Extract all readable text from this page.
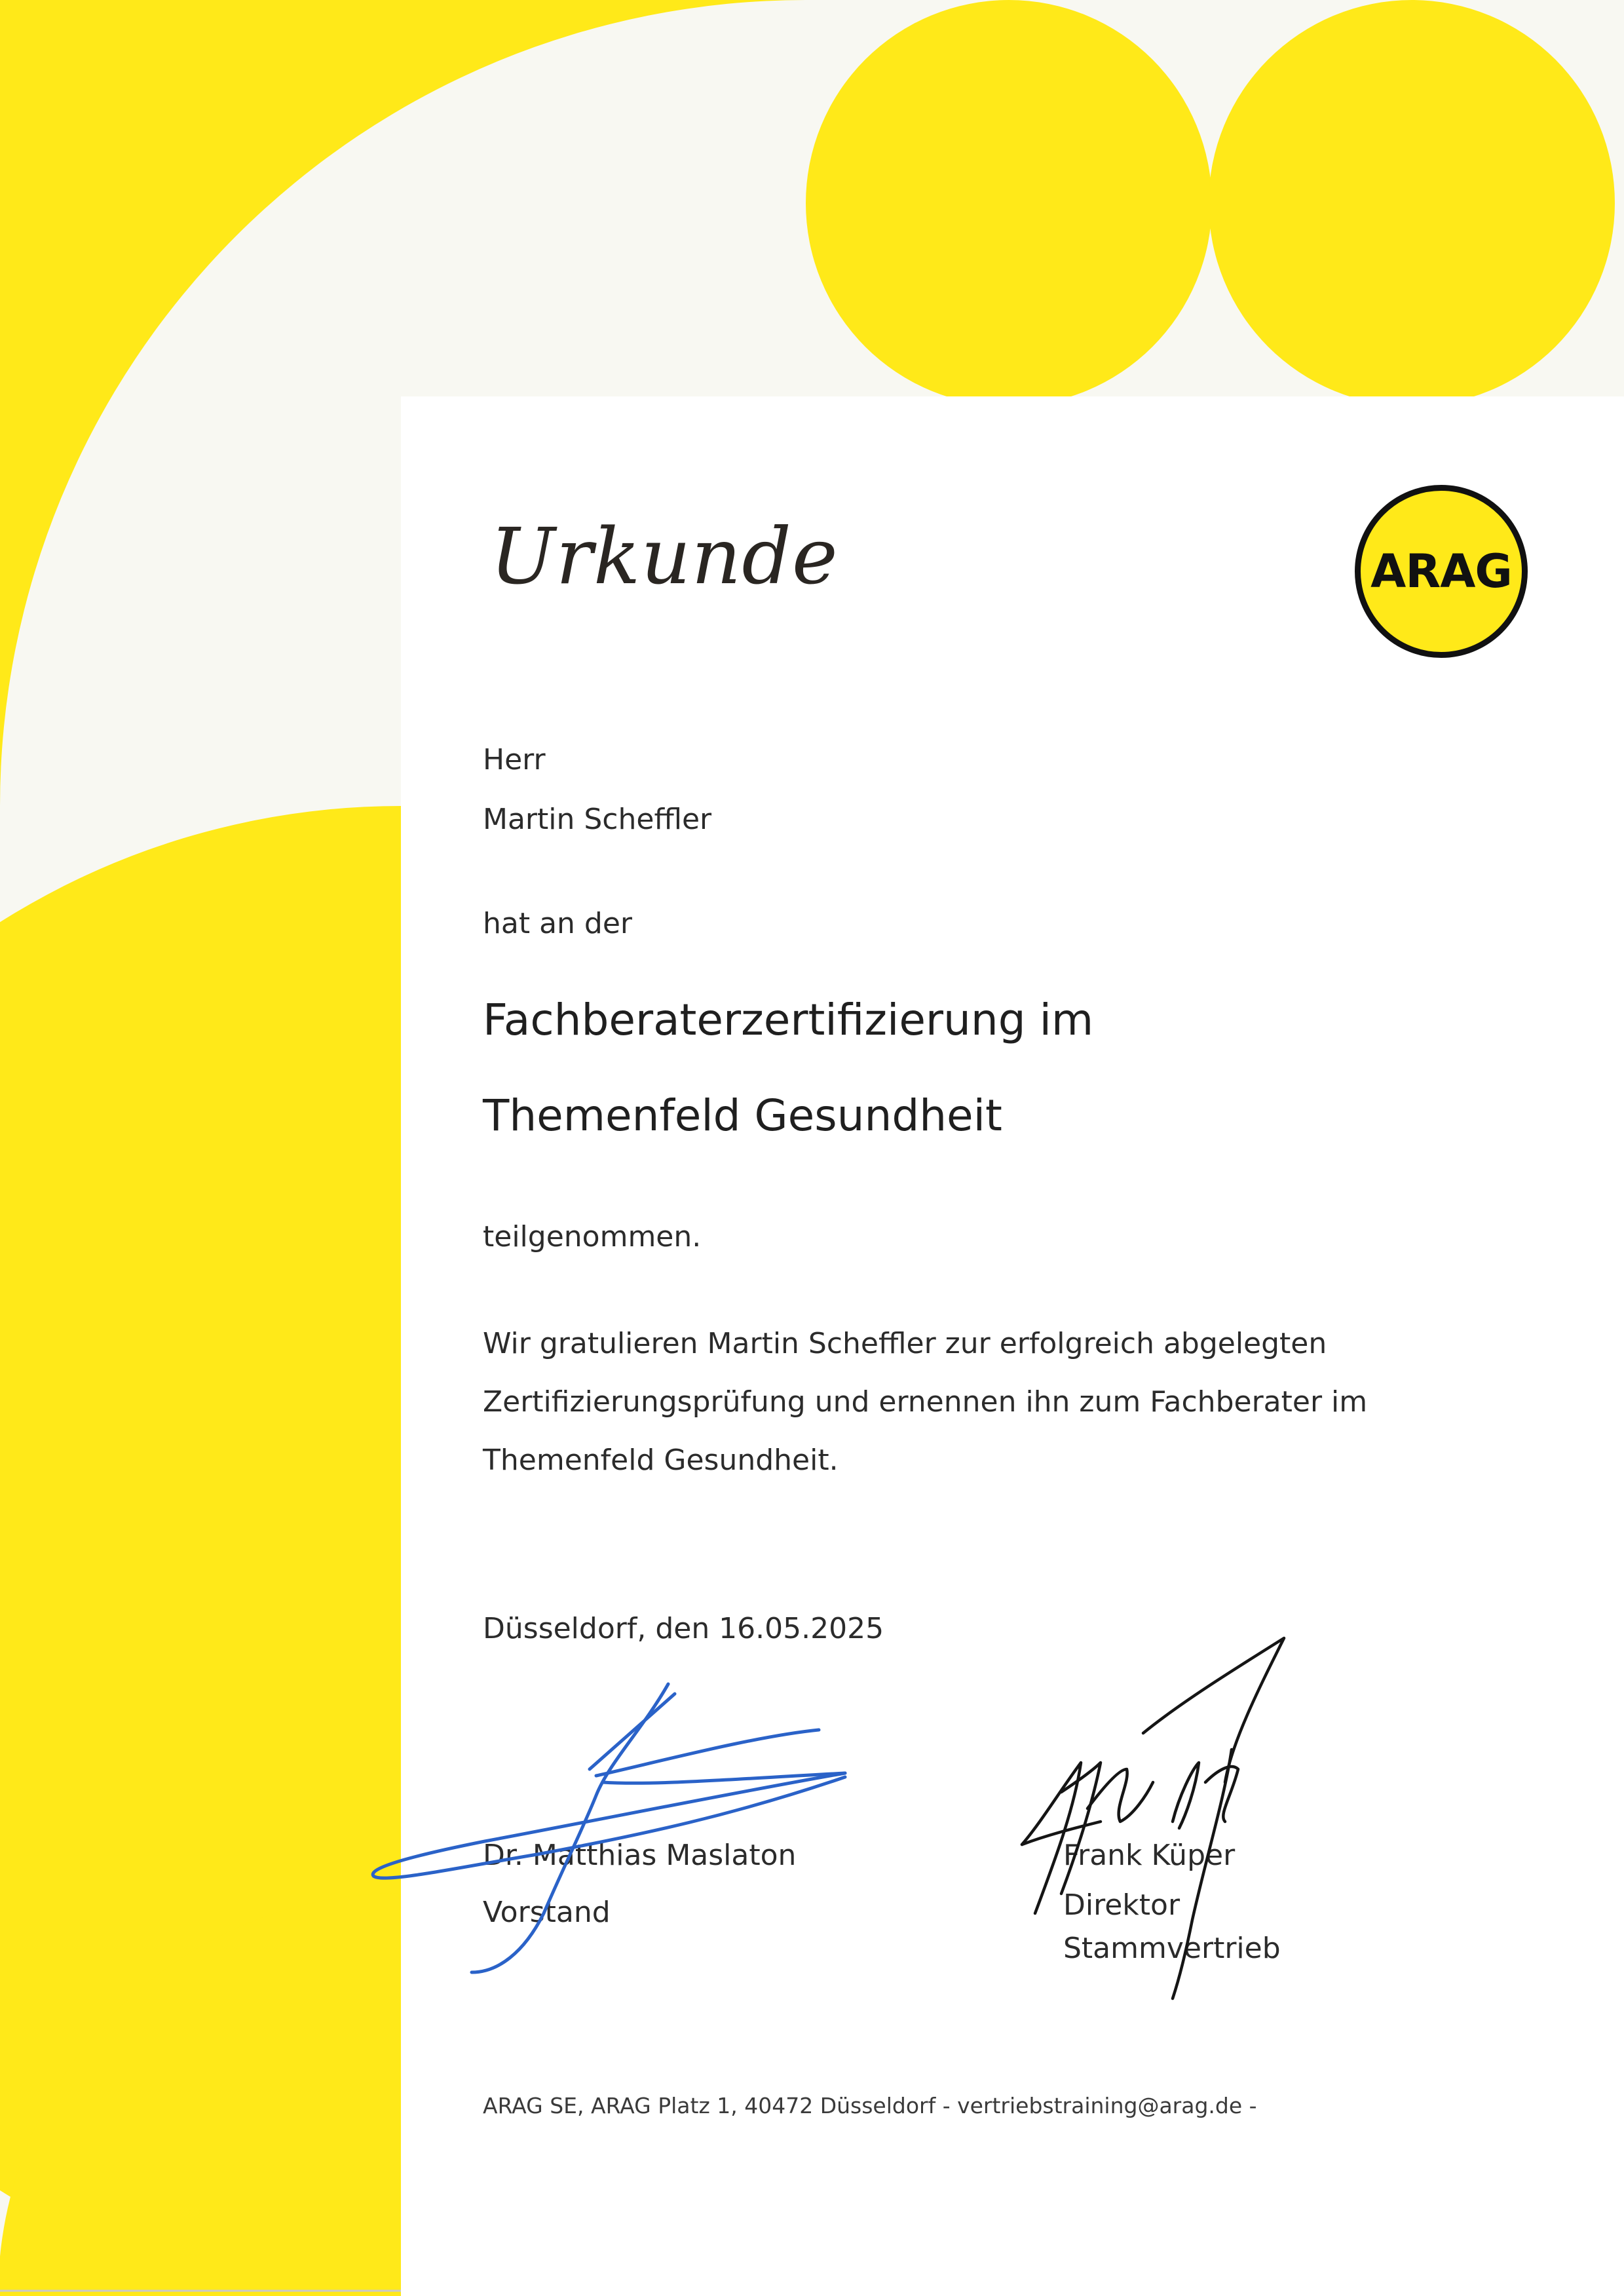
Urkunde	ARAG
Herr
Martin Scheffler
hat an der
Fachberaterzertifizierung im
Themenfeld Gesundheit
teilgenommen.
Wir gratulieren Martin Scheffler zur erfolgreich abgelegten
Zertifizierungsprüfung und ernennen ihn zum Fachberater im
Themenfeld Gesundheit.
Düsseldorf, den 16.05.2025
Dr. Matthias Maslaton
Vorstand
Frank Küper
Direktor
Stammvertrieb
ARAG SE, ARAG Platz 1, 40472 Düsseldorf - vertriebstraining@arag.de -
